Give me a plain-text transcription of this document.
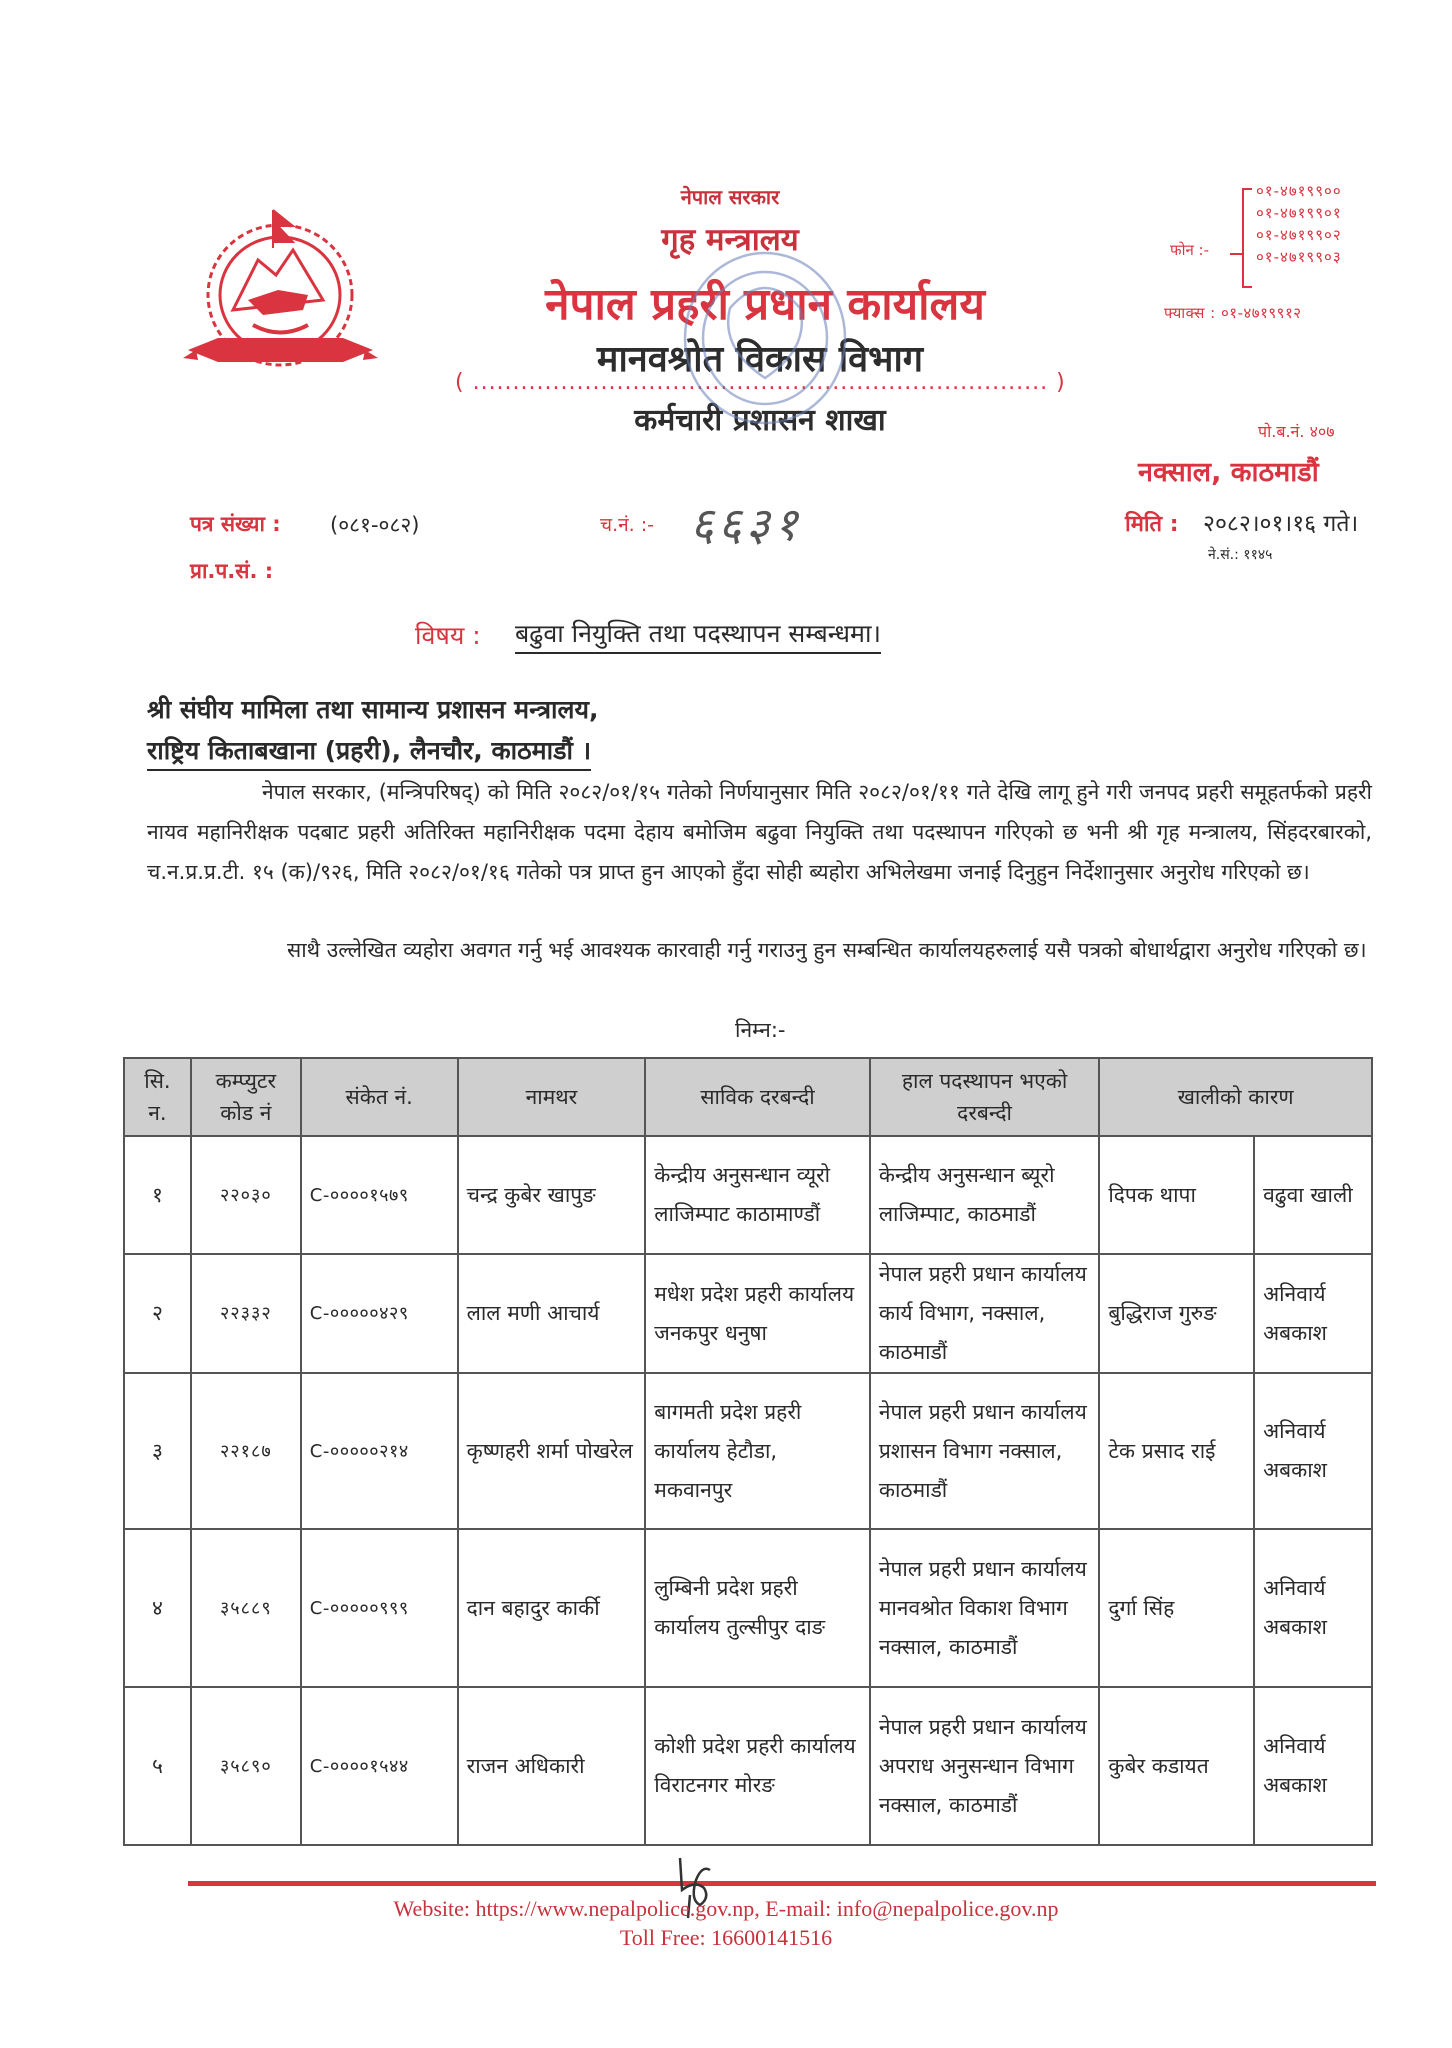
नेपाल सरकार
गृह मन्त्रालय
नेपाल प्रहरी प्रधान कार्यालय
मानवश्रोत विकास विभाग
( ........................................................................ )
कर्मचारी प्रशासन शाखा
फोन :-
०१-४७१९९००
०१-४७१९९०१
०१-४७१९९०२
०१-४७१९९०३
फ्याक्स : ०१-४७१९९१२
पो.ब.नं. ४०७
नक्साल, काठमाडौं
पत्र संख्या : (०८१-०८२)
प्रा.प.सं. :
च.नं. :- ६६३१	मिति : २०८२।०१।१६ गते।
ने.सं.: ११४५
विषय : बढुवा नियुक्ति तथा पदस्थापन सम्बन्धमा।
श्री संघीय मामिला तथा सामान्य प्रशासन मन्त्रालय,
राष्ट्रिय किताबखाना (प्रहरी), लैनचौर, काठमाडौं ।
नेपाल सरकार, (मन्त्रिपरिषद्) को मिति २०८२/०१/१५ गतेको निर्णयानुसार मिति २०८२/०१/११ गते देखि लागू हुने गरी जनपद प्रहरी समूहतर्फको प्रहरी नायव महानिरीक्षक पदबाट प्रहरी अतिरिक्त महानिरीक्षक पदमा देहाय बमोजिम बढुवा नियुक्ति तथा पदस्थापन गरिएको छ भनी श्री गृह मन्त्रालय, सिंहदरबारको, च.न.प्र.प्र.टी. १५ (क)/९२६, मिति २०८२/०१/१६ गतेको पत्र प्राप्त हुन आएको हुँदा सोही ब्यहोरा अभिलेखमा जनाई दिनुहुन निर्देशानुसार अनुरोध गरिएको छ।
साथै उल्लेखित व्यहोरा अवगत गर्नु भई आवश्यक कारवाही गर्नु गराउनु हुन सम्बन्धित कार्यालयहरुलाई यसै पत्रको बोधार्थद्वारा अनुरोध गरिएको छ।
निम्न:-
सि. न.	कम्प्युटर कोड नं	संकेत नं.	नामथर	साविक दरबन्दी	हाल पदस्थापन भएको दरबन्दी	खालीको कारण	
१	२२०३०	C-००००१५७९	चन्द्र कुबेर खापुङ	केन्द्रीय अनुसन्धान व्यूरो लाजिम्पाट काठामाण्डौं	केन्द्रीय अनुसन्धान ब्यूरो लाजिम्पाट, काठमाडौं	दिपक थापा	वढुवा खाली
२	२२३३२	C-०००००४२९	लाल मणी आचार्य	मधेश प्रदेश प्रहरी कार्यालय जनकपुर धनुषा	नेपाल प्रहरी प्रधान कार्यालय कार्य विभाग, नक्साल, काठमाडौं	बुद्धिराज गुरुङ	अनिवार्य अबकाश
३	२२१८७	C-०००००२१४	कृष्णहरी शर्मा पोखरेल	बागमती प्रदेश प्रहरी कार्यालय हेटौडा, मकवानपुर	नेपाल प्रहरी प्रधान कार्यालय प्रशासन विभाग नक्साल, काठमाडौं	टेक प्रसाद राई	अनिवार्य अबकाश
४	३५८८९	C-०००००९९९	दान बहादुर कार्की	लुम्बिनी प्रदेश प्रहरी कार्यालय तुल्सीपुर दाङ	नेपाल प्रहरी प्रधान कार्यालय मानवश्रोत विकाश विभाग नक्साल, काठमाडौं	दुर्गा सिंह	अनिवार्य अबकाश
५	३५८९०	C-००००१५४४	राजन अधिकारी	कोशी प्रदेश प्रहरी कार्यालय विराटनगर मोरङ	नेपाल प्रहरी प्रधान कार्यालय अपराध अनुसन्धान विभाग नक्साल, काठमाडौं	कुबेर कडायत	अनिवार्य अबकाश
Website: https://www.nepalpolice.gov.np, E-mail: info@nepalpolice.gov.np
Toll Free: 16600141516
